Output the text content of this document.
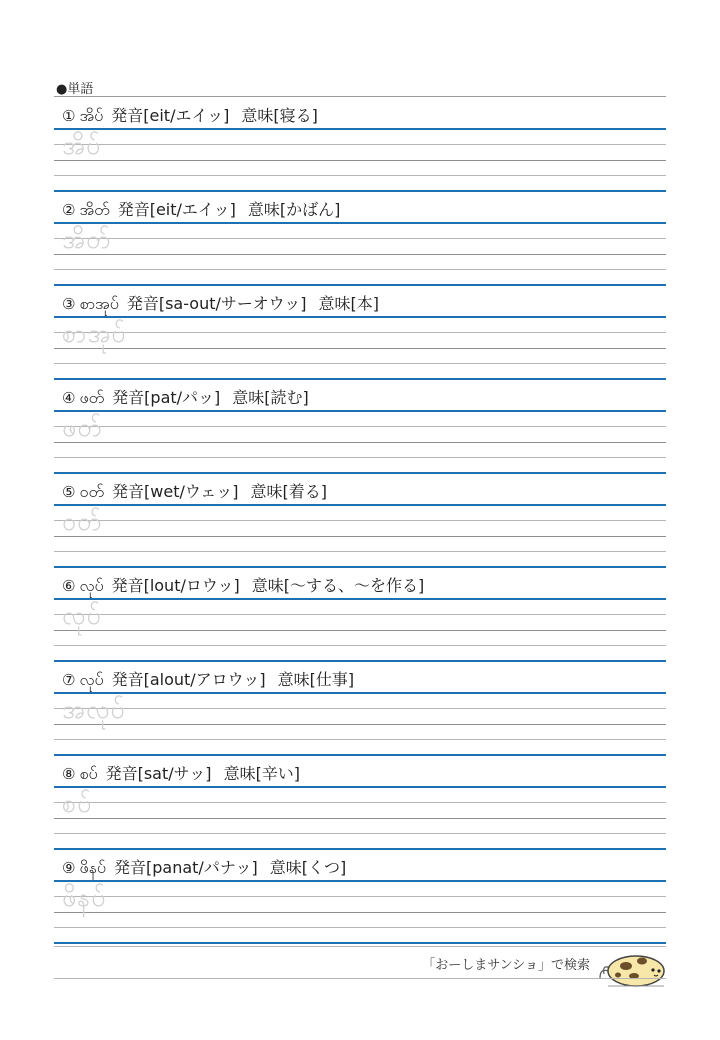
●単語
① အိပ် 発音[eit/エイッ] 意味[寝る]
အိပ်
② အိတ် 発音[eit/エイッ] 意味[かばん]
အိတ်
③ စာအုပ် 発音[sa-out/サーオウッ] 意味[本]
စာအုပ်
④ ဖတ် 発音[pat/パッ] 意味[読む]
ဖတ်
⑤ ဝတ် 発音[wet/ウェッ] 意味[着る]
ဝတ်
⑥ လုပ် 発音[lout/ロウッ] 意味[～する、～を作る]
လုပ်
⑦ လုပ် 発音[alout/アロウッ] 意味[仕事]
အလုပ်
⑧ စပ် 発音[sat/サッ] 意味[辛い]
စပ်
⑨ ဖိနပ် 発音[panat/パナッ] 意味[くつ]
ဖိနပ်
「おーしまサンショ」で検索
